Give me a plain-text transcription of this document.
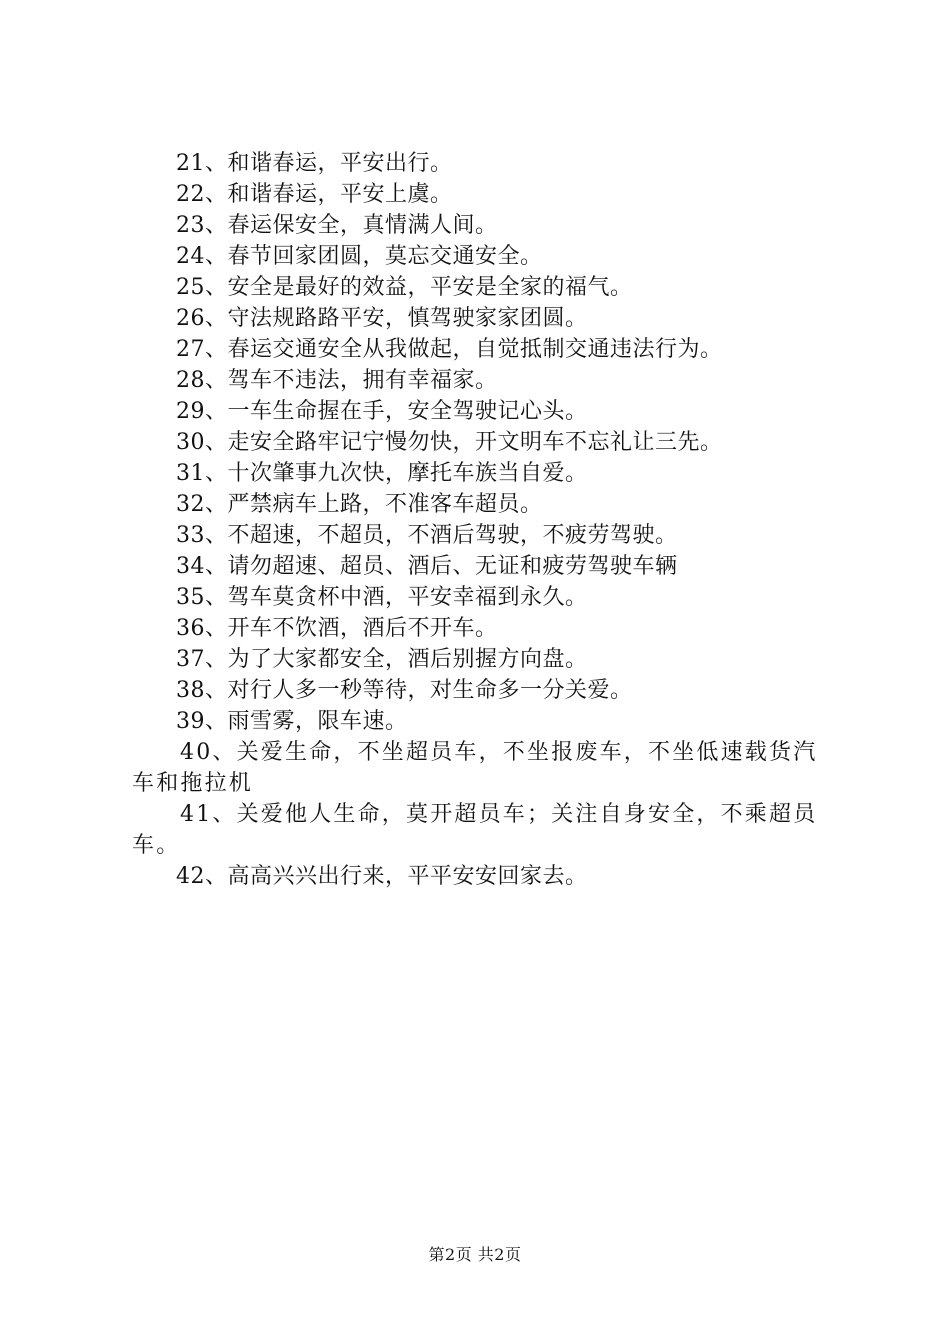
21、和谐春运，平安出行。
22、和谐春运，平安上虞。
23、春运保安全，真情满人间。
24、春节回家团圆，莫忘交通安全。
25、安全是最好的效益，平安是全家的福气。
26、守法规路路平安，慎驾驶家家团圆。
27、春运交通安全从我做起，自觉抵制交通违法行为。
28、驾车不违法，拥有幸福家。
29、一车生命握在手，安全驾驶记心头。
30、走安全路牢记宁慢勿快，开文明车不忘礼让三先。
31、十次肇事九次快，摩托车族当自爱。
32、严禁病车上路，不准客车超员。
33、不超速，不超员，不酒后驾驶，不疲劳驾驶。
34、请勿超速、超员、酒后、无证和疲劳驾驶车辆
35、驾车莫贪杯中酒，平安幸福到永久。
36、开车不饮酒，酒后不开车。
37、为了大家都安全，酒后别握方向盘。
38、对行人多一秒等待，对生命多一分关爱。
39、雨雪雾，限车速。
40、关爱生命，不坐超员车，不坐报废车，不坐低速载货汽车和拖拉机
41、关爱他人生命，莫开超员车；关注自身安全，不乘超员车。
42、高高兴兴出行来，平平安安回家去。
第2页 共2页
